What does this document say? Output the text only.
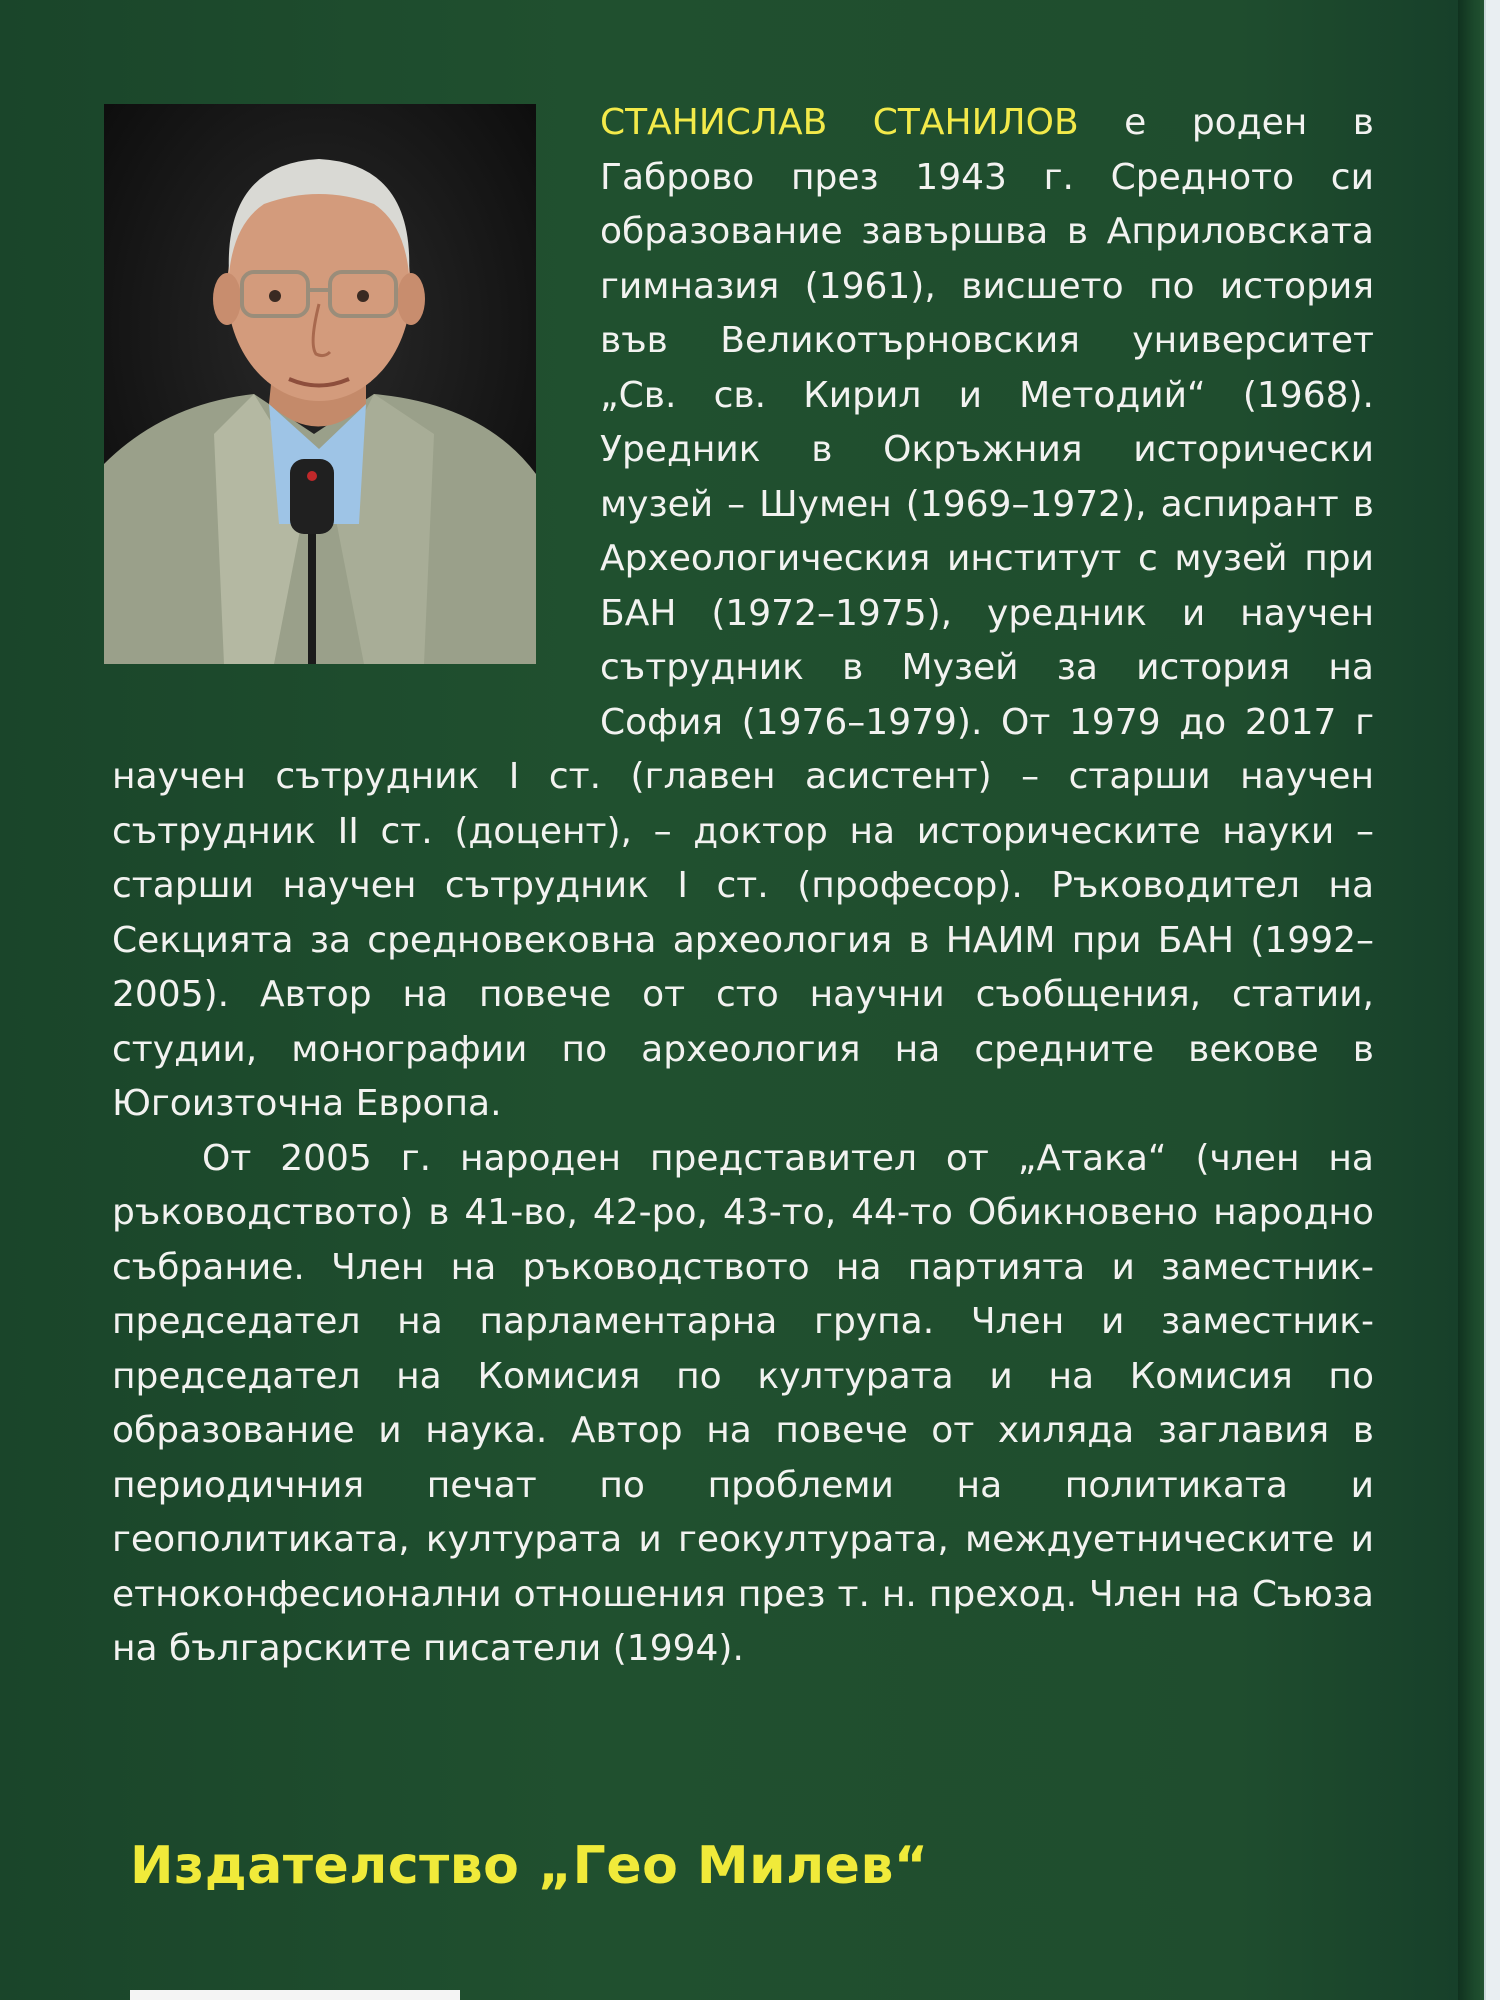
СТАНИСЛАВ СТАНИЛОВ е роден в Габрово през 1943 г. Средното си образование завършва в Априловската гимназия (1961), висшето по история във Великотърновския университет „Св. св. Кирил и Методий“ (1968). Уредник в Окръжния исторически музей – Шумен (1969–1972), аспирант в Археологическия институт с музей при БАН (1972–1975), уредник и научен сътрудник в Музей за история на София (1976–1979). От 1979 до 2017 г научен сътрудник I ст. (главен асистент) – старши научен сътрудник II ст. (доцент), – доктор на историческите науки – старши научен сътрудник I ст. (професор). Ръководител на Секцията за средновековна археология в НАИМ при БАН (1992–2005). Автор на повече от сто научни съобщения, статии, студии, монографии по археология на средните векове в Югоизточна Европа.

От 2005 г. народен представител от „Атака“ (член на ръководството) в 41-во, 42-ро, 43-то, 44-то Обикновено народно събрание. Член на ръководството на партията и заместник-председател на парламентарна група. Член и заместник-председател на Комисия по културата и на Комисия по образование и наука. Автор на повече от хиляда заглавия в периодичния печат по проблеми на политиката и геополитиката, културата и геокултурата, междуетническите и етноконфесионални отношения през т. н. преход. Член на Съюза на българските писатели (1994).

Издателство „Гео Милев“
